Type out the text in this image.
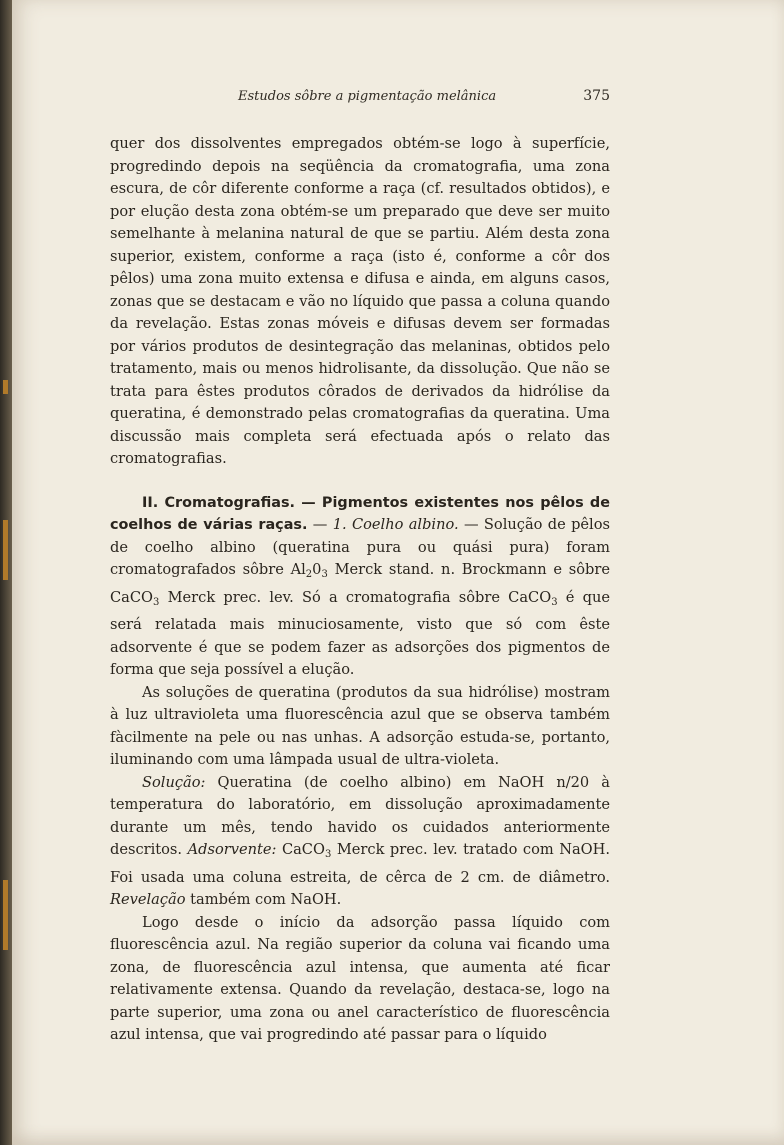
Estudos sôbre a pigmentação melânica	375

quer dos dissolventes empregados obtém-se logo à superfície, progredindo depois na seqüência da cromatografia, uma zona escura, de côr diferente conforme a raça (cf. resultados obtidos), e por elução desta zona obtém-se um preparado que deve ser muito semelhante à melanina natural de que se partiu. Além desta zona superior, existem, conforme a raça (isto é, conforme a côr dos pêlos) uma zona muito extensa e difusa e ainda, em alguns casos, zonas que se destacam e vão no líquido que passa a coluna quando da revelação. Estas zonas móveis e difusas devem ser formadas por vários produtos de desintegração das melaninas, obtidos pelo tratamento, mais ou menos hidrolisante, da dissolução. Que não se trata para êstes produtos côrados de derivados da hidrólise da queratina, é demonstrado pelas cromatografias da queratina. Uma discussão mais completa será efectuada após o relato das cromatografias.

II. Cromatografias. — Pigmentos existentes nos pêlos de coelhos de várias raças. — 1. Coelho albino. — Solução de pêlos de coelho albino (queratina pura ou quási pura) foram cromatografados sôbre $Al_20_3$ Merck stand. n. Brockmann e sôbre CaCO$_3$ Merck prec. lev. Só a cromatografia sôbre CaCO$_3$ é que será relatada mais minuciosamente, visto que só com êste adsorvente é que se podem fazer as adsorções dos pigmentos de forma que seja possível a elução.

As soluções de queratina (produtos da sua hidrólise) mostram à luz ultravioleta uma fluorescência azul que se observa também fàcilmente na pele ou nas unhas. A adsorção estuda-se, portanto, iluminando com uma lâmpada usual de ultra-violeta.

Solução: Queratina (de coelho albino) em NaOH n/20 à temperatura do laboratório, em dissolução aproximadamente durante um mês, tendo havido os cuidados anteriormente descritos. Adsorvente: CaCO$_3$ Merck prec. lev. tratado com NaOH. Foi usada uma coluna estreita, de cêrca de 2 cm. de diâmetro. Revelação também com NaOH.

Logo desde o início da adsorção passa líquido com fluorescência azul. Na região superior da coluna vai ficando uma zona, de fluorescência azul intensa, que aumenta até ficar relativamente extensa. Quando da revelação, destaca-se, logo na parte superior, uma zona ou anel característico de fluorescência azul intensa, que vai progredindo até passar para o líquido
